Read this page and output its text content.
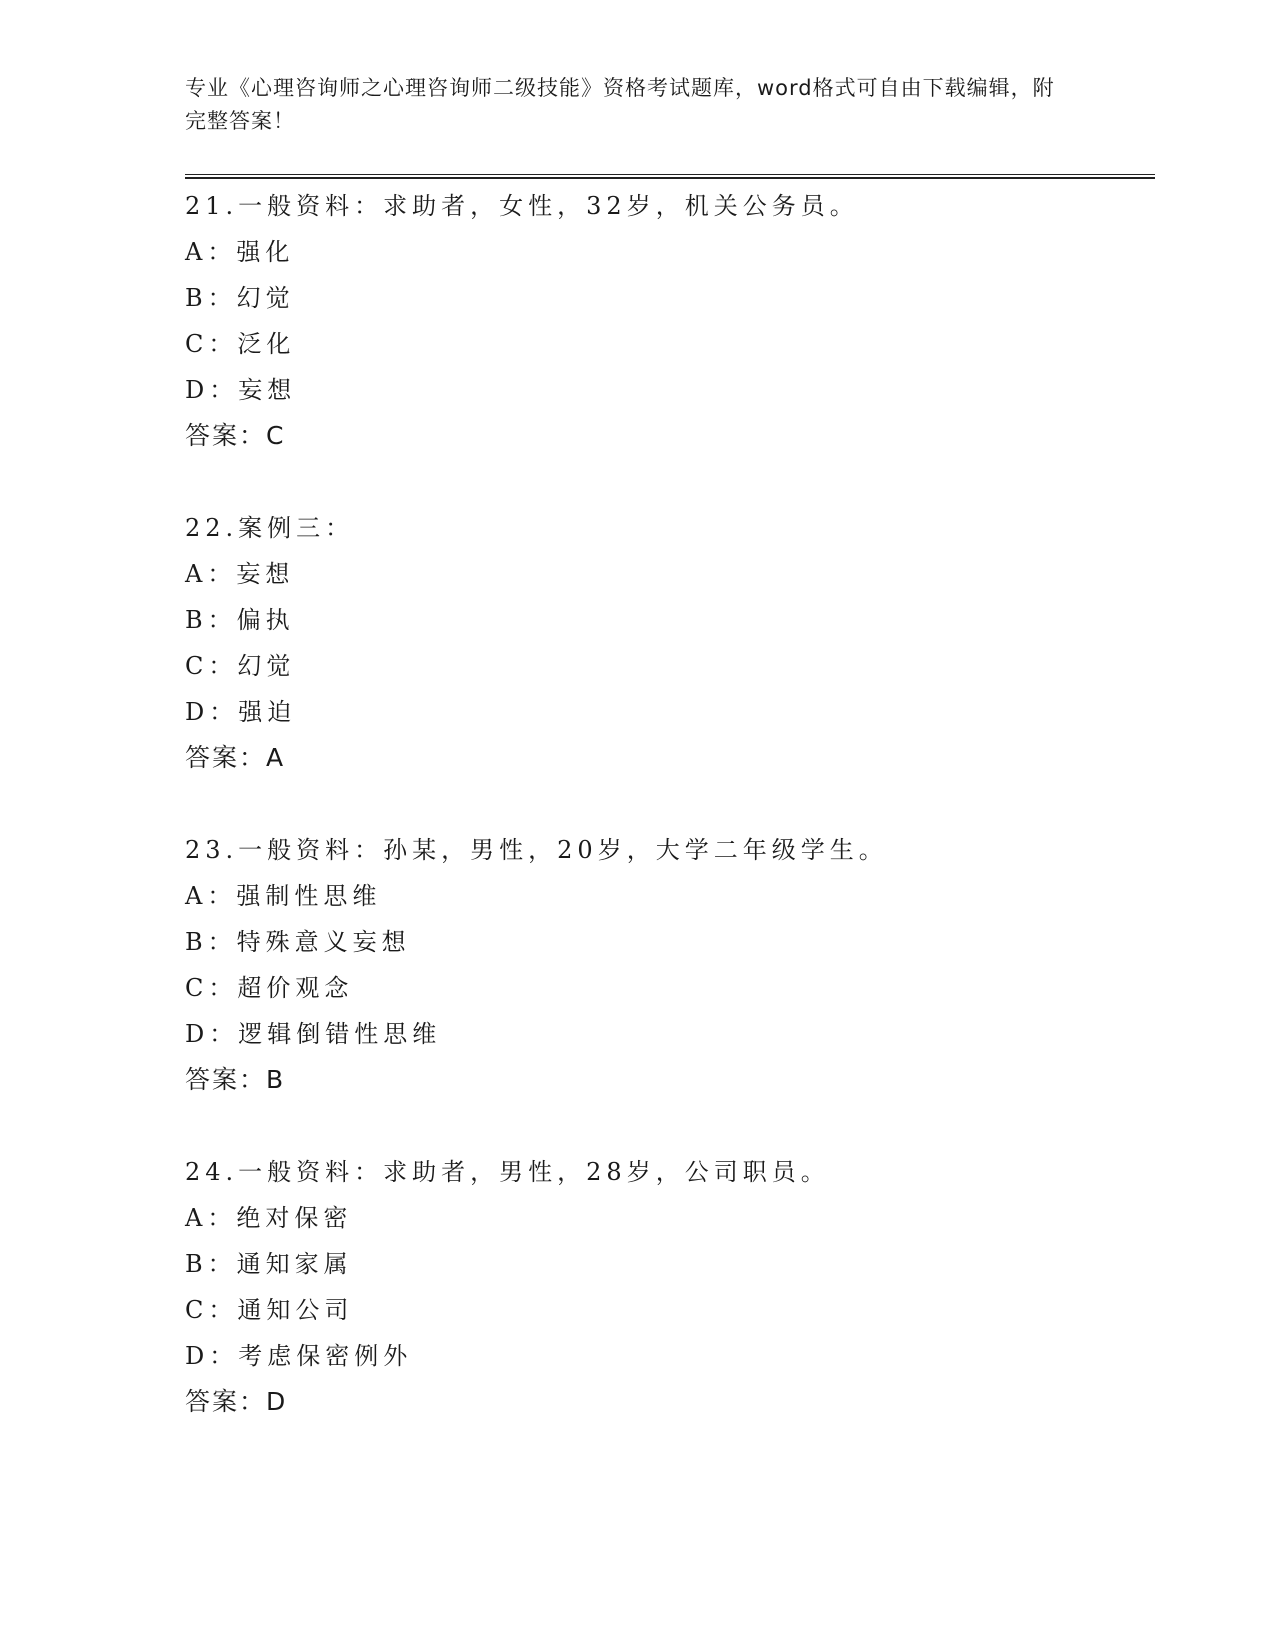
专业《心理咨询师之心理咨询师二级技能》资格考试题库，word格式可自由下载编辑，附完整答案！

21.一般资料：求助者，女性，32岁，机关公务员。

A：强化

B：幻觉

C：泛化

D：妄想

答案：C

22.案例三：

A：妄想

B：偏执

C：幻觉

D：强迫

答案：A

23.一般资料：孙某，男性，20岁，大学二年级学生。

A：强制性思维

B：特殊意义妄想

C：超价观念

D：逻辑倒错性思维

答案：B

24.一般资料：求助者，男性，28岁，公司职员。

A：绝对保密

B：通知家属

C：通知公司

D：考虑保密例外

答案：D
